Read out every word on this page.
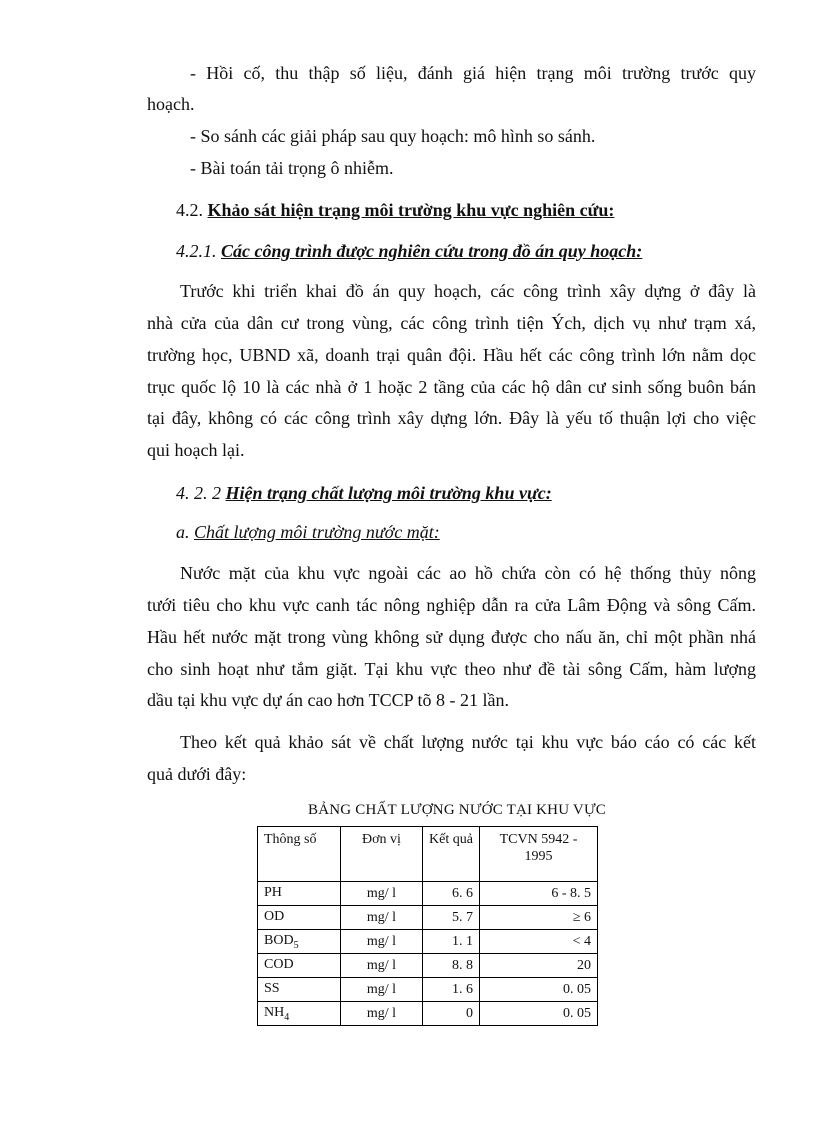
- Hồi cố, thu thập số liệu, đánh giá hiện trạng môi trường trước quy
hoạch.
- So sánh các giải pháp sau quy hoạch: mô hình so sánh.
- Bài toán tải trọng ô nhiễm.
4.2. Khảo sát hiện trạng môi trường khu vực nghiên cứu:
4.2.1. Các công trình được nghiên cứu trong đồ án quy hoạch:
Trước khi triển khai đồ án quy hoạch, các công trình xây dựng ở đây là
nhà cửa của dân cư trong vùng, các công trình tiện Ých, dịch vụ như trạm xá,
trường học, UBND xã, doanh trại quân đội. Hầu hết các công trình lớn nằm dọc
trục quốc lộ 10 là các nhà ở 1 hoặc 2 tầng của các hộ dân cư sinh sống buôn bán
tại đây, không có các công trình xây dựng lớn. Đây là yếu tố thuận lợi cho việc
qui hoạch lại.
4. 2. 2 Hiện trạng chất lượng môi trường khu vực:
a. Chất lượng môi trường nước mặt:
Nước mặt của khu vực ngoài các ao hồ chứa còn có hệ thống thủy nông
tưới tiêu cho khu vực canh tác nông nghiệp dẫn ra cửa Lâm Động và sông Cấm.
Hầu hết nước mặt trong vùng không sử dụng được cho nấu ăn, chỉ một phần nhá
cho sinh hoạt như tắm giặt. Tại khu vực theo như đề tài sông Cấm, hàm lượng
dầu tại khu vực dự án cao hơn TCCP tõ 8 - 21 lần.
Theo kết quả khảo sát về chất lượng nước tại khu vực báo cáo có các kết
quả dưới đây:
BẢNG CHẤT LƯỢNG NƯỚC TẠI KHU VỰC
Thông số	Đơn vị	Kết quả	TCVN 5942 - 1995
PH	mg/ l	6. 6	6 - 8. 5
OD	mg/ l	5. 7	≥ 6
$BOD_5$	mg/ l	1. 1	< 4
COD	mg/ l	8. 8	20
SS	mg/ l	1. 6	0. 05
$NH_4$	mg/ l	0	0. 05
